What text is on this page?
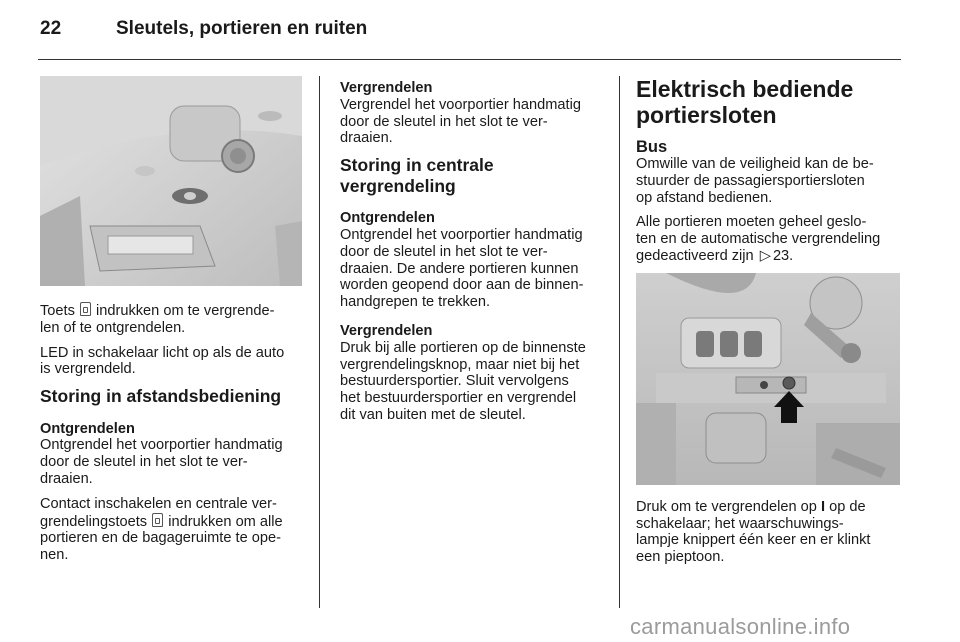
22	Sleutels, portieren en ruiten

Toets indrukken om te vergrende-
len of te ontgrendelen.

LED in schakelaar licht op als de auto
is vergrendeld.

Storing in afstandsbediening
Ontgrendelen

Ontgrendel het voorportier handmatig
door de sleutel in het slot te ver-
draaien.

Contact inschakelen en centrale ver-
grendelingstoets indrukken om alle
portieren en de bagageruimte te ope-
nen.

Vergrendelen

Vergrendel het voorportier handmatig
door de sleutel in het slot te ver-
draaien.

Storing in centrale
vergrendeling
Ontgrendelen

Ontgrendel het voorportier handmatig
door de sleutel in het slot te ver-
draaien. De andere portieren kunnen
worden geopend door aan de binnen-
handgrepen te trekken.

Vergrendelen

Druk bij alle portieren op de binnenste
vergrendelingsknop, maar niet bij het
bestuurdersportier. Sluit vervolgens
het bestuurdersportier en vergrendel
dit van buiten met de sleutel.

Elektrisch bediende
portiersloten
Bus

Omwille van de veiligheid kan de be-
stuurder de passagiersportiersloten
op afstand bedienen.

Alle portieren moeten geheel geslo-
ten en de automatische vergrendeling
gedeactiveerd zijn ▷ 23.

Druk om te vergrendelen op I op de
schakelaar; het waarschuwings-
lampje knippert één keer en er klinkt
een pieptoon.

carmanualsonline.info
